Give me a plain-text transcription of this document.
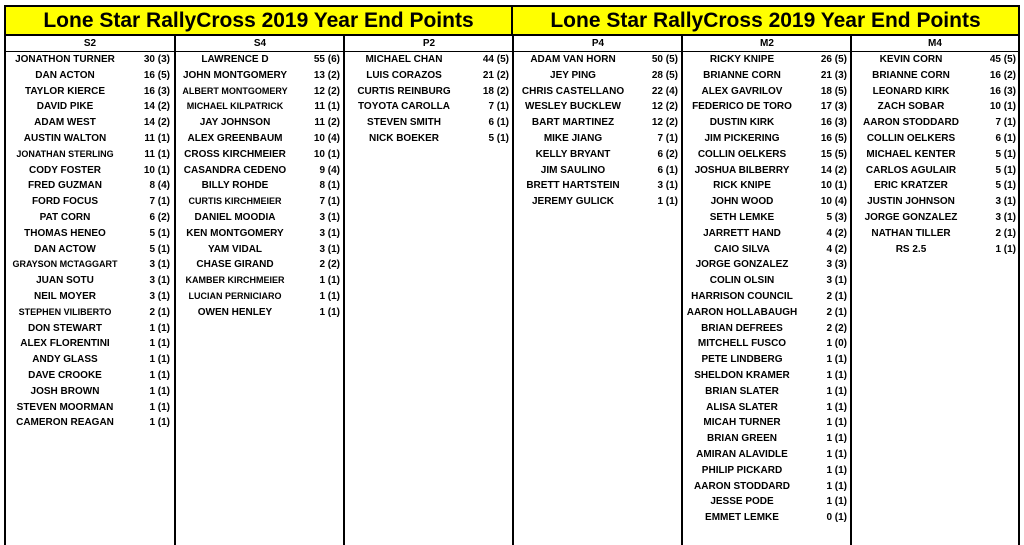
Lone Star RallyCross 2019 Year End Points	Lone Star RallyCross 2019 Year End Points
S2
JONATHON TURNER	30 (3)
DAN ACTON	16 (5)
TAYLOR KIERCE	16 (3)
DAVID PIKE	14 (2)
ADAM WEST	14 (2)
AUSTIN WALTON	11 (1)
JONATHAN STERLING	11 (1)
CODY FOSTER	10 (1)
FRED GUZMAN	8 (4)
FORD FOCUS	7 (1)
PAT CORN	6 (2)
THOMAS HENEO	5 (1)
DAN ACTOW	5 (1)
GRAYSON MCTAGGART	3 (1)
JUAN SOTU	3 (1)
NEIL MOYER	3 (1)
STEPHEN VILIBERTO	2 (1)
DON STEWART	1 (1)
ALEX FLORENTINI	1 (1)
ANDY GLASS	1 (1)
DAVE CROOKE	1 (1)
JOSH BROWN	1 (1)
STEVEN MOORMAN	1 (1)
CAMERON REAGAN	1 (1)
S4
LAWRENCE D	55 (6)
JOHN MONTGOMERY	13 (2)
ALBERT MONTGOMERY	12 (2)
MICHAEL KILPATRICK	11 (1)
JAY JOHNSON	11 (2)
ALEX GREENBAUM	10 (4)
CROSS KIRCHMEIER	10 (1)
CASANDRA CEDENO	9 (4)
BILLY ROHDE	8 (1)
CURTIS KIRCHMEIER	7 (1)
DANIEL MOODIA	3 (1)
KEN MONTGOMERY	3 (1)
YAM VIDAL	3 (1)
CHASE GIRAND	2 (2)
KAMBER KIRCHMEIER	1 (1)
LUCIAN PERNICIARO	1 (1)
OWEN HENLEY	1 (1)
P2
MICHAEL CHAN	44 (5)
LUIS CORAZOS	21 (2)
CURTIS REINBURG	18 (2)
TOYOTA CAROLLA	7 (1)
STEVEN SMITH	6 (1)
NICK BOEKER	5 (1)
P4
ADAM VAN HORN	50 (5)
JEY PING	28 (5)
CHRIS CASTELLANO	22 (4)
WESLEY BUCKLEW	12 (2)
BART MARTINEZ	12 (2)
MIKE JIANG	7 (1)
KELLY BRYANT	6 (2)
JIM SAULINO	6 (1)
BRETT HARTSTEIN	3 (1)
JEREMY GULICK	1 (1)
M2
RICKY KNIPE	26 (5)
BRIANNE CORN	21 (3)
ALEX GAVRILOV	18 (5)
FEDERICO DE TORO	17 (3)
DUSTIN KIRK	16 (3)
JIM PICKERING	16 (5)
COLLIN OELKERS	15 (5)
JOSHUA BILBERRY	14 (2)
RICK KNIPE	10 (1)
JOHN WOOD	10 (4)
SETH LEMKE	5 (3)
JARRETT HAND	4 (2)
CAIO SILVA	4 (2)
JORGE GONZALEZ	3 (3)
COLIN OLSIN	3 (1)
HARRISON COUNCIL	2 (1)
AARON HOLLABAUGH	2 (1)
BRIAN DEFREES	2 (2)
MITCHELL FUSCO	1 (0)
PETE LINDBERG	1 (1)
SHELDON KRAMER	1 (1)
BRIAN SLATER	1 (1)
ALISA SLATER	1 (1)
MICAH TURNER	1 (1)
BRIAN GREEN	1 (1)
AMIRAN ALAVIDLE	1 (1)
PHILIP PICKARD	1 (1)
AARON STODDARD	1 (1)
JESSE PODE	1 (1)
EMMET LEMKE	0 (1)
M4
KEVIN CORN	45 (5)
BRIANNE CORN	16 (2)
LEONARD KIRK	16 (3)
ZACH SOBAR	10 (1)
AARON STODDARD	7 (1)
COLLIN OELKERS	6 (1)
MICHAEL KENTER	5 (1)
CARLOS AGULAIR	5 (1)
ERIC KRATZER	5 (1)
JUSTIN JOHNSON	3 (1)
JORGE GONZALEZ	3 (1)
NATHAN TILLER	2 (1)
RS 2.5	1 (1)
